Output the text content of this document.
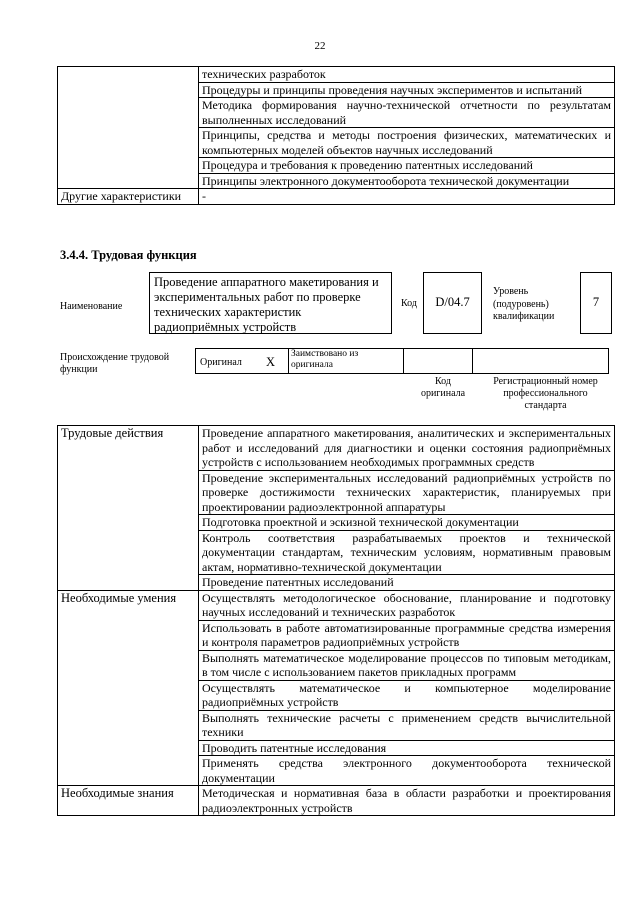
22
	технических разработок
	Процедуры и принципы проведения научных экспериментов и испытаний
	Методика формирования научно-технической отчетности по результатам выполненных исследований
	Принципы, средства и методы построения физических, математических и компьютерных моделей объектов научных исследований
	Процедура и требования к проведению патентных исследований
	Принципы электронного документооборота технической документации
Другие характеристики	-
3.4.4. Трудовая функция
Наименование
Проведение аппаратного макетирования и экспериментальных работ по проверке технических характеристик радиоприёмных устройств
Код	D/04.7
Уровень
(подуровень)
квалификации
7
Происхождение трудовой
функции
Оригинал X

Заимствовано из
оригинала

Код
оригинала
Регистрационный номер
профессионального
стандарта
Трудовые действия	Проведение аппаратного макетирования, аналитических и экспериментальных работ и исследований для диагностики и оценки состояния радиоприёмных устройств с использованием необходимых программных средств
	Проведение экспериментальных исследований радиоприёмных устройств по проверке достижимости технических характеристик, планируемых при проектировании радиоэлектронной аппаратуры
	Подготовка проектной и эскизной технической документации
	Контроль соответствия разрабатываемых проектов и технической документации стандартам, техническим условиям, нормативным правовым актам, нормативно-технической документации
	Проведение патентных исследований
Необходимые умения	Осуществлять методологическое обоснование, планирование и подготовку научных исследований и технических разработок
	Использовать в работе автоматизированные программные средства измерения и контроля параметров радиоприёмных устройств
	Выполнять математическое моделирование процессов по типовым методикам, в том числе с использованием пакетов прикладных программ
	Осуществлять математическое и компьютерное моделирование радиоприёмных устройств
	Выполнять технические расчеты с применением средств вычислительной техники
	Проводить патентные исследования
	Применять средства электронного документооборота технической документации
Необходимые знания	Методическая и нормативная база в области разработки и проектирования радиоэлектронных устройств
